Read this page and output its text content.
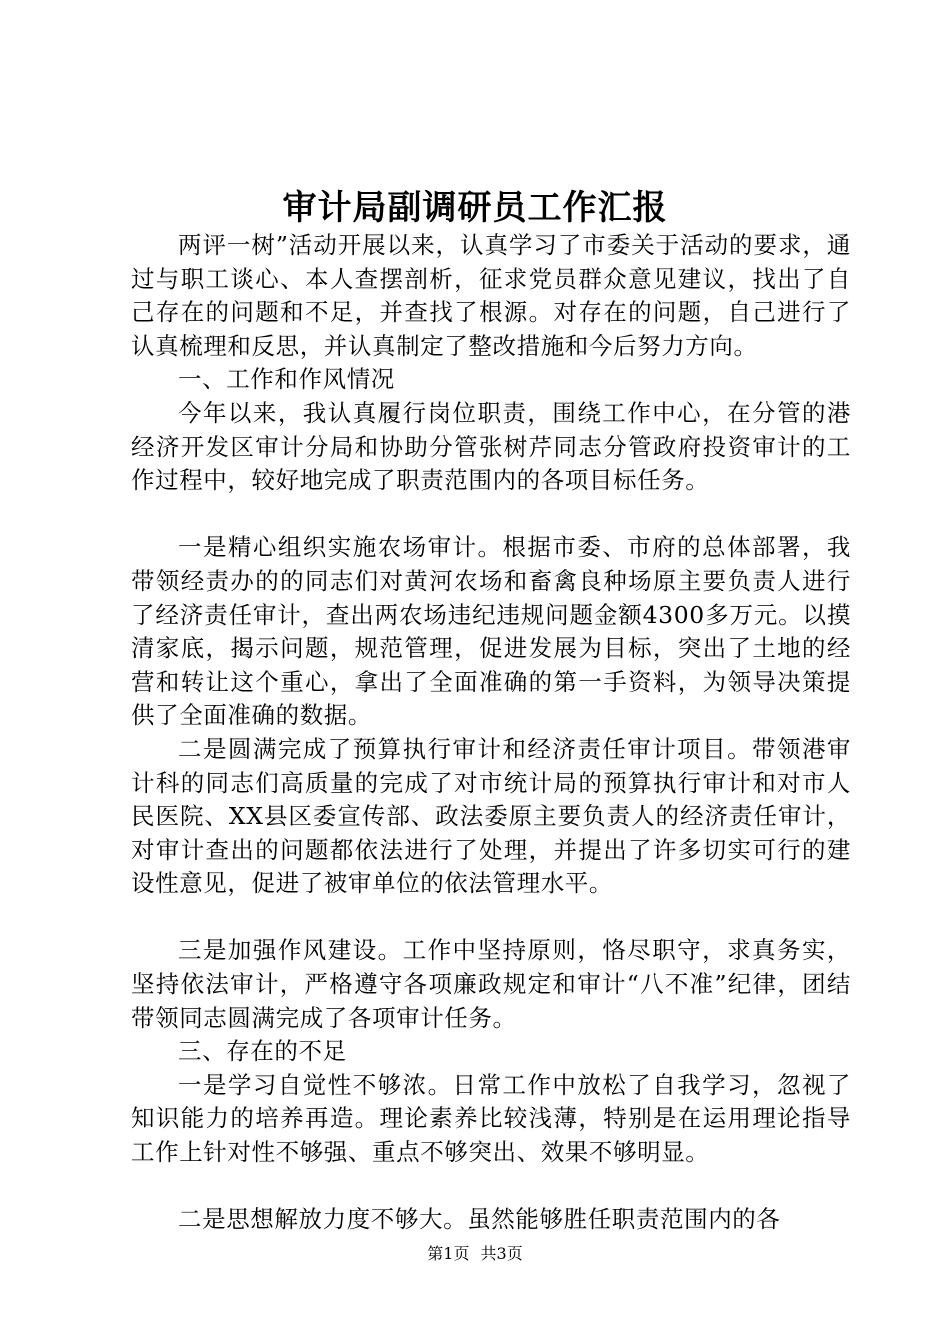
审计局副调研员工作汇报

两评一树”活动开展以来，认真学习了市委关于活动的要求，通过与职工谈心、本人查摆剖析，征求党员群众意见建议，找出了自己存在的问题和不足，并查找了根源。对存在的问题，自己进行了认真梳理和反思，并认真制定了整改措施和今后努力方向。

一、工作和作风情况

今年以来，我认真履行岗位职责，围绕工作中心，在分管的港经济开发区审计分局和协助分管张树芹同志分管政府投资审计的工作过程中，较好地完成了职责范围内的各项目标任务。

一是精心组织实施农场审计。根据市委、市府的总体部署，我带领经责办的的同志们对黄河农场和畜禽良种场原主要负责人进行了经济责任审计，查出两农场违纪违规问题金额4300多万元。以摸清家底，揭示问题，规范管理，促进发展为目标，突出了土地的经营和转让这个重心，拿出了全面准确的第一手资料，为领导决策提供了全面准确的数据。

二是圆满完成了预算执行审计和经济责任审计项目。带领港审计科的同志们高质量的完成了对市统计局的预算执行审计和对市人民医院、XX县区委宣传部、政法委原主要负责人的经济责任审计，对审计查出的问题都依法进行了处理，并提出了许多切实可行的建设性意见，促进了被审单位的依法管理水平。

三是加强作风建设。工作中坚持原则，恪尽职守，求真务实，坚持依法审计，严格遵守各项廉政规定和审计“八不准”纪律，团结带领同志圆满完成了各项审计任务。

三、存在的不足

一是学习自觉性不够浓。日常工作中放松了自我学习，忽视了知识能力的培养再造。理论素养比较浅薄，特别是在运用理论指导工作上针对性不够强、重点不够突出、效果不够明显。

二是思想解放力度不够大。虽然能够胜任职责范围内的各

第1页 共3页
